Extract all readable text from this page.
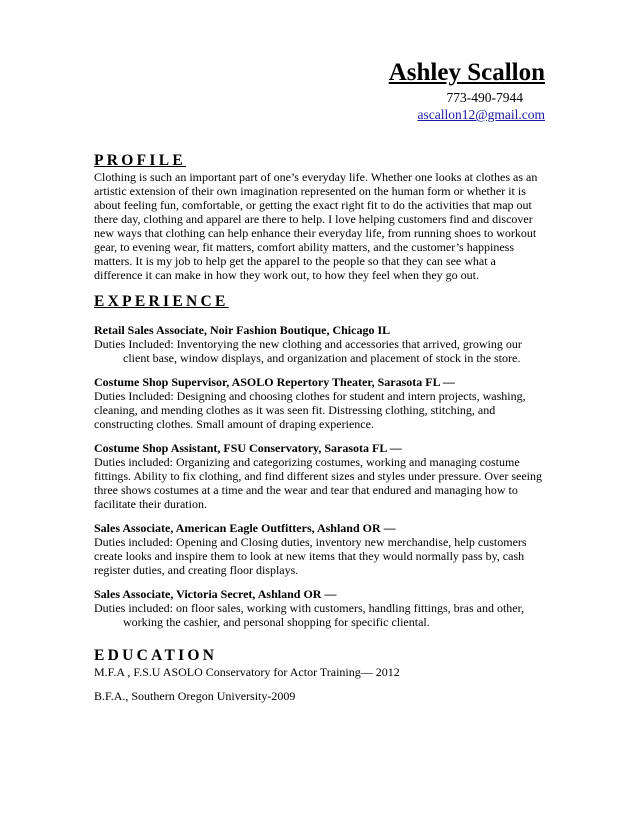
Ashley Scallon
773-490-7944
ascallon12@gmail.com
PROFILE

Clothing is such an important part of one’s everyday life. Whether one looks at clothes as an artistic extension of their own imagination represented on the human form or whether it is about feeling fun, comfortable, or getting the exact right fit to do the activities that map out there day, clothing and apparel are there to help. I love helping customers find and discover new ways that clothing can help enhance their everyday life, from running shoes to workout gear, to evening wear, fit matters, comfort ability matters, and the customer’s happiness matters. It is my job to help get the apparel to the people so that they can see what a difference it can make in how they work out, to how they feel when they go out.

EXPERIENCE
Retail Sales Associate, Noir Fashion Boutique, Chicago IL
Duties Included: Inventorying the new clothing and accessories that arrived, growing our client base, window displays, and organization and placement of stock in the store.
Costume Shop Supervisor, ASOLO Repertory Theater, Sarasota FL —
Duties Included: Designing and choosing clothes for student and intern projects, washing, cleaning, and mending clothes as it was seen fit. Distressing clothing, stitching, and constructing clothes. Small amount of draping experience.
Costume Shop Assistant, FSU Conservatory, Sarasota FL —
Duties included: Organizing and categorizing costumes, working and managing costume fittings. Ability to fix clothing, and find different sizes and styles under pressure. Over seeing three shows costumes at a time and the wear and tear that endured and managing how to facilitate their duration.
Sales Associate, American Eagle Outfitters, Ashland OR —
Duties included: Opening and Closing duties, inventory new merchandise, help customers create looks and inspire them to look at new items that they would normally pass by, cash register duties, and creating floor displays.
Sales Associate, Victoria Secret, Ashland OR —
Duties included: on floor sales, working with customers, handling fittings, bras and other, working the cashier, and personal shopping for specific cliental.
EDUCATION
M.F.A , F.S.U ASOLO Conservatory for Actor Training— 2012
B.F.A., Southern Oregon University-2009
